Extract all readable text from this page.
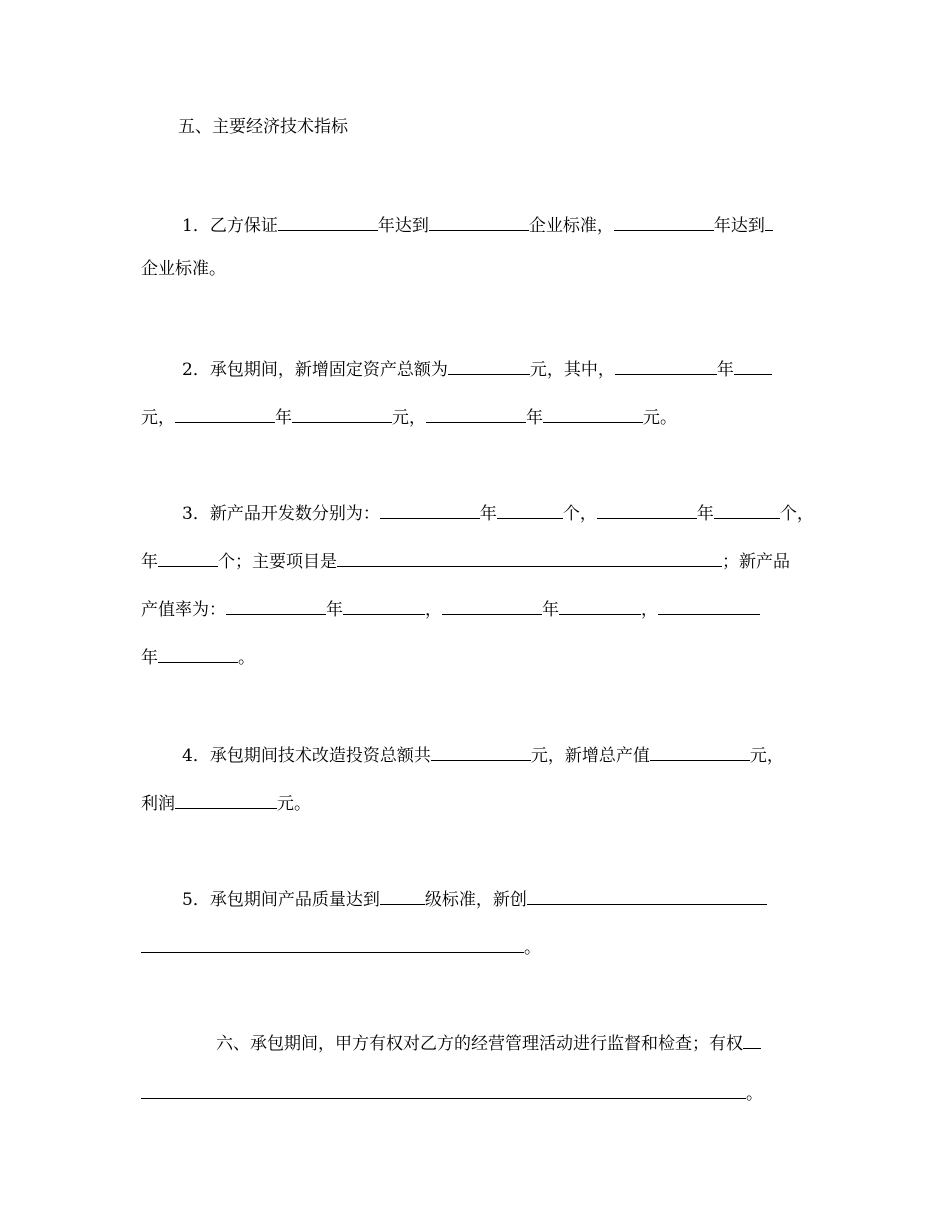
五、主要经济技术指标
1．乙方保证	年达到	企业标准，	年达到
企业标准。
2．承包期间，新增固定资产总额为	元，其中，	年
元，	年	元，	年	元。
3．新产品开发数分别为：	年	个，	年	个，
年	个；主要项目是	；新产品
产值率为：	年	，	年	，
年	。
4．承包期间技术改造投资总额共	元，新增总产值	元，
利润	元。
5．承包期间产品质量达到	级标准，新创
。
六、承包期间，甲方有权对乙方的经营管理活动进行监督和检查；有权
。
